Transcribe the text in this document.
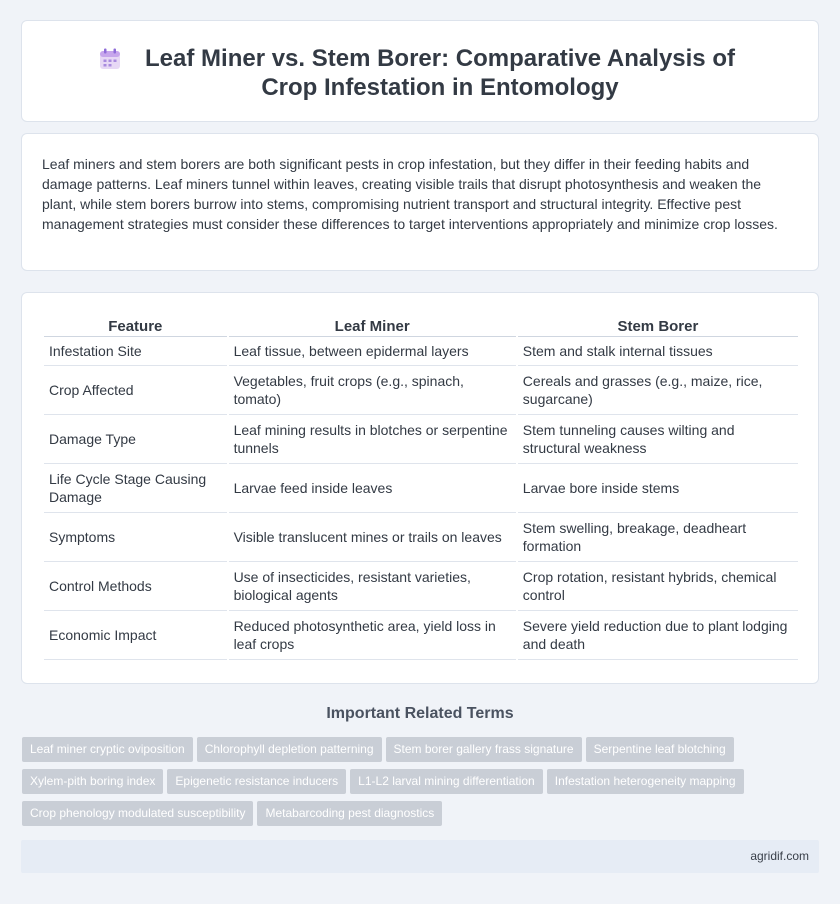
Leaf Miner vs. Stem Borer: Comparative Analysis of Crop Infestation in Entomology

Leaf miners and stem borers are both significant pests in crop infestation, but they differ in their feeding habits and damage patterns. Leaf miners tunnel within leaves, creating visible trails that disrupt photosynthesis and weaken the plant, while stem borers burrow into stems, compromising nutrient transport and structural integrity. Effective pest management strategies must consider these differences to target interventions appropriately and minimize crop losses.

Feature	Leaf Miner	Stem Borer
Infestation Site	Leaf tissue, between epidermal layers	Stem and stalk internal tissues
Crop Affected	Vegetables, fruit crops (e.g., spinach, tomato)	Cereals and grasses (e.g., maize, rice, sugarcane)
Damage Type	Leaf mining results in blotches or serpentine tunnels	Stem tunneling causes wilting and structural weakness
Life Cycle Stage Causing Damage	Larvae feed inside leaves	Larvae bore inside stems
Symptoms	Visible translucent mines or trails on leaves	Stem swelling, breakage, deadheart formation
Control Methods	Use of insecticides, resistant varieties, biological agents	Crop rotation, resistant hybrids, chemical control
Economic Impact	Reduced photosynthetic area, yield loss in leaf crops	Severe yield reduction due to plant lodging and death
Important Related Terms
Leaf miner cryptic oviposition Chlorophyll depletion patterning Stem borer gallery frass signature Serpentine leaf blotchingXylem-pith boring index Epigenetic resistance inducers L1-L2 larval mining differentiation Infestation heterogeneity mappingCrop phenology modulated susceptibility Metabarcoding pest diagnostics
agridif.com
